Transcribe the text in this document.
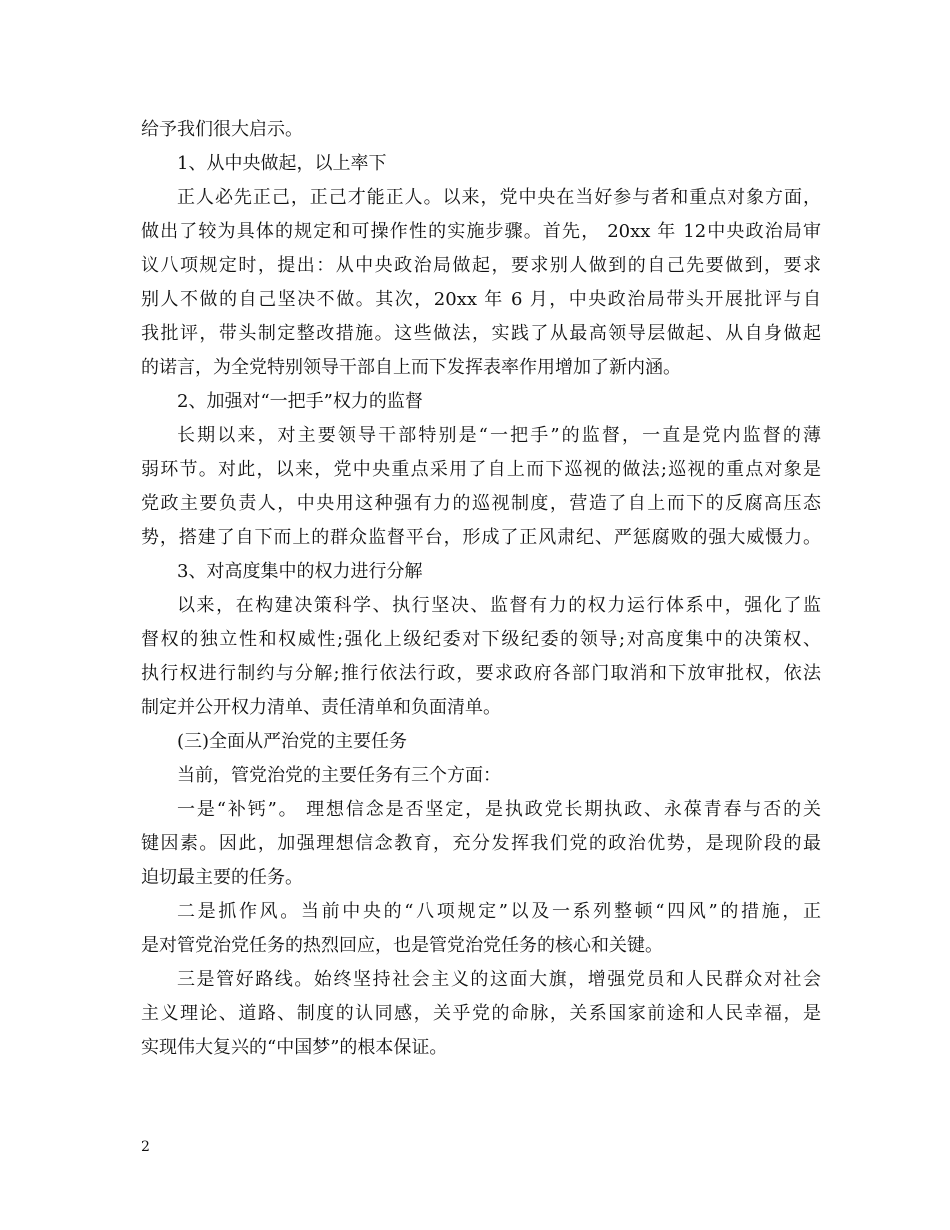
给予我们很大启示。
1、从中央做起，以上率下
正人必先正己，正己才能正人。以来，党中央在当好参与者和重点对象方面，
做出了较为具体的规定和可操作性的实施步骤。首先， 20xx 年 12中央政治局审
议八项规定时，提出：从中央政治局做起，要求别人做到的自己先要做到，要求
别人不做的自己坚决不做。其次，20xx 年 6 月，中央政治局带头开展批评与自
我批评，带头制定整改措施。这些做法，实践了从最高领导层做起、从自身做起
的诺言，为全党特别领导干部自上而下发挥表率作用增加了新内涵。
2、加强对“一把手”权力的监督
长期以来，对主要领导干部特别是“一把手”的监督，一直是党内监督的薄
弱环节。对此，以来，党中央重点采用了自上而下巡视的做法;巡视的重点对象是
党政主要负责人，中央用这种强有力的巡视制度，营造了自上而下的反腐高压态
势，搭建了自下而上的群众监督平台，形成了正风肃纪、严惩腐败的强大威慑力。
3、对高度集中的权力进行分解
以来，在构建决策科学、执行坚决、监督有力的权力运行体系中，强化了监
督权的独立性和权威性;强化上级纪委对下级纪委的领导;对高度集中的决策权、
执行权进行制约与分解;推行依法行政，要求政府各部门取消和下放审批权，依法
制定并公开权力清单、责任清单和负面清单。
(三)全面从严治党的主要任务
当前，管党治党的主要任务有三个方面：
一是“补钙”。 理想信念是否坚定，是执政党长期执政、永葆青春与否的关
键因素。因此，加强理想信念教育，充分发挥我们党的政治优势，是现阶段的最
迫切最主要的任务。
二是抓作风。当前中央的“八项规定”以及一系列整顿“四风”的措施，正
是对管党治党任务的热烈回应，也是管党治党任务的核心和关键。
三是管好路线。始终坚持社会主义的这面大旗，增强党员和人民群众对社会
主义理论、道路、制度的认同感，关乎党的命脉，关系国家前途和人民幸福，是
实现伟大复兴的“中国梦”的根本保证。
2
